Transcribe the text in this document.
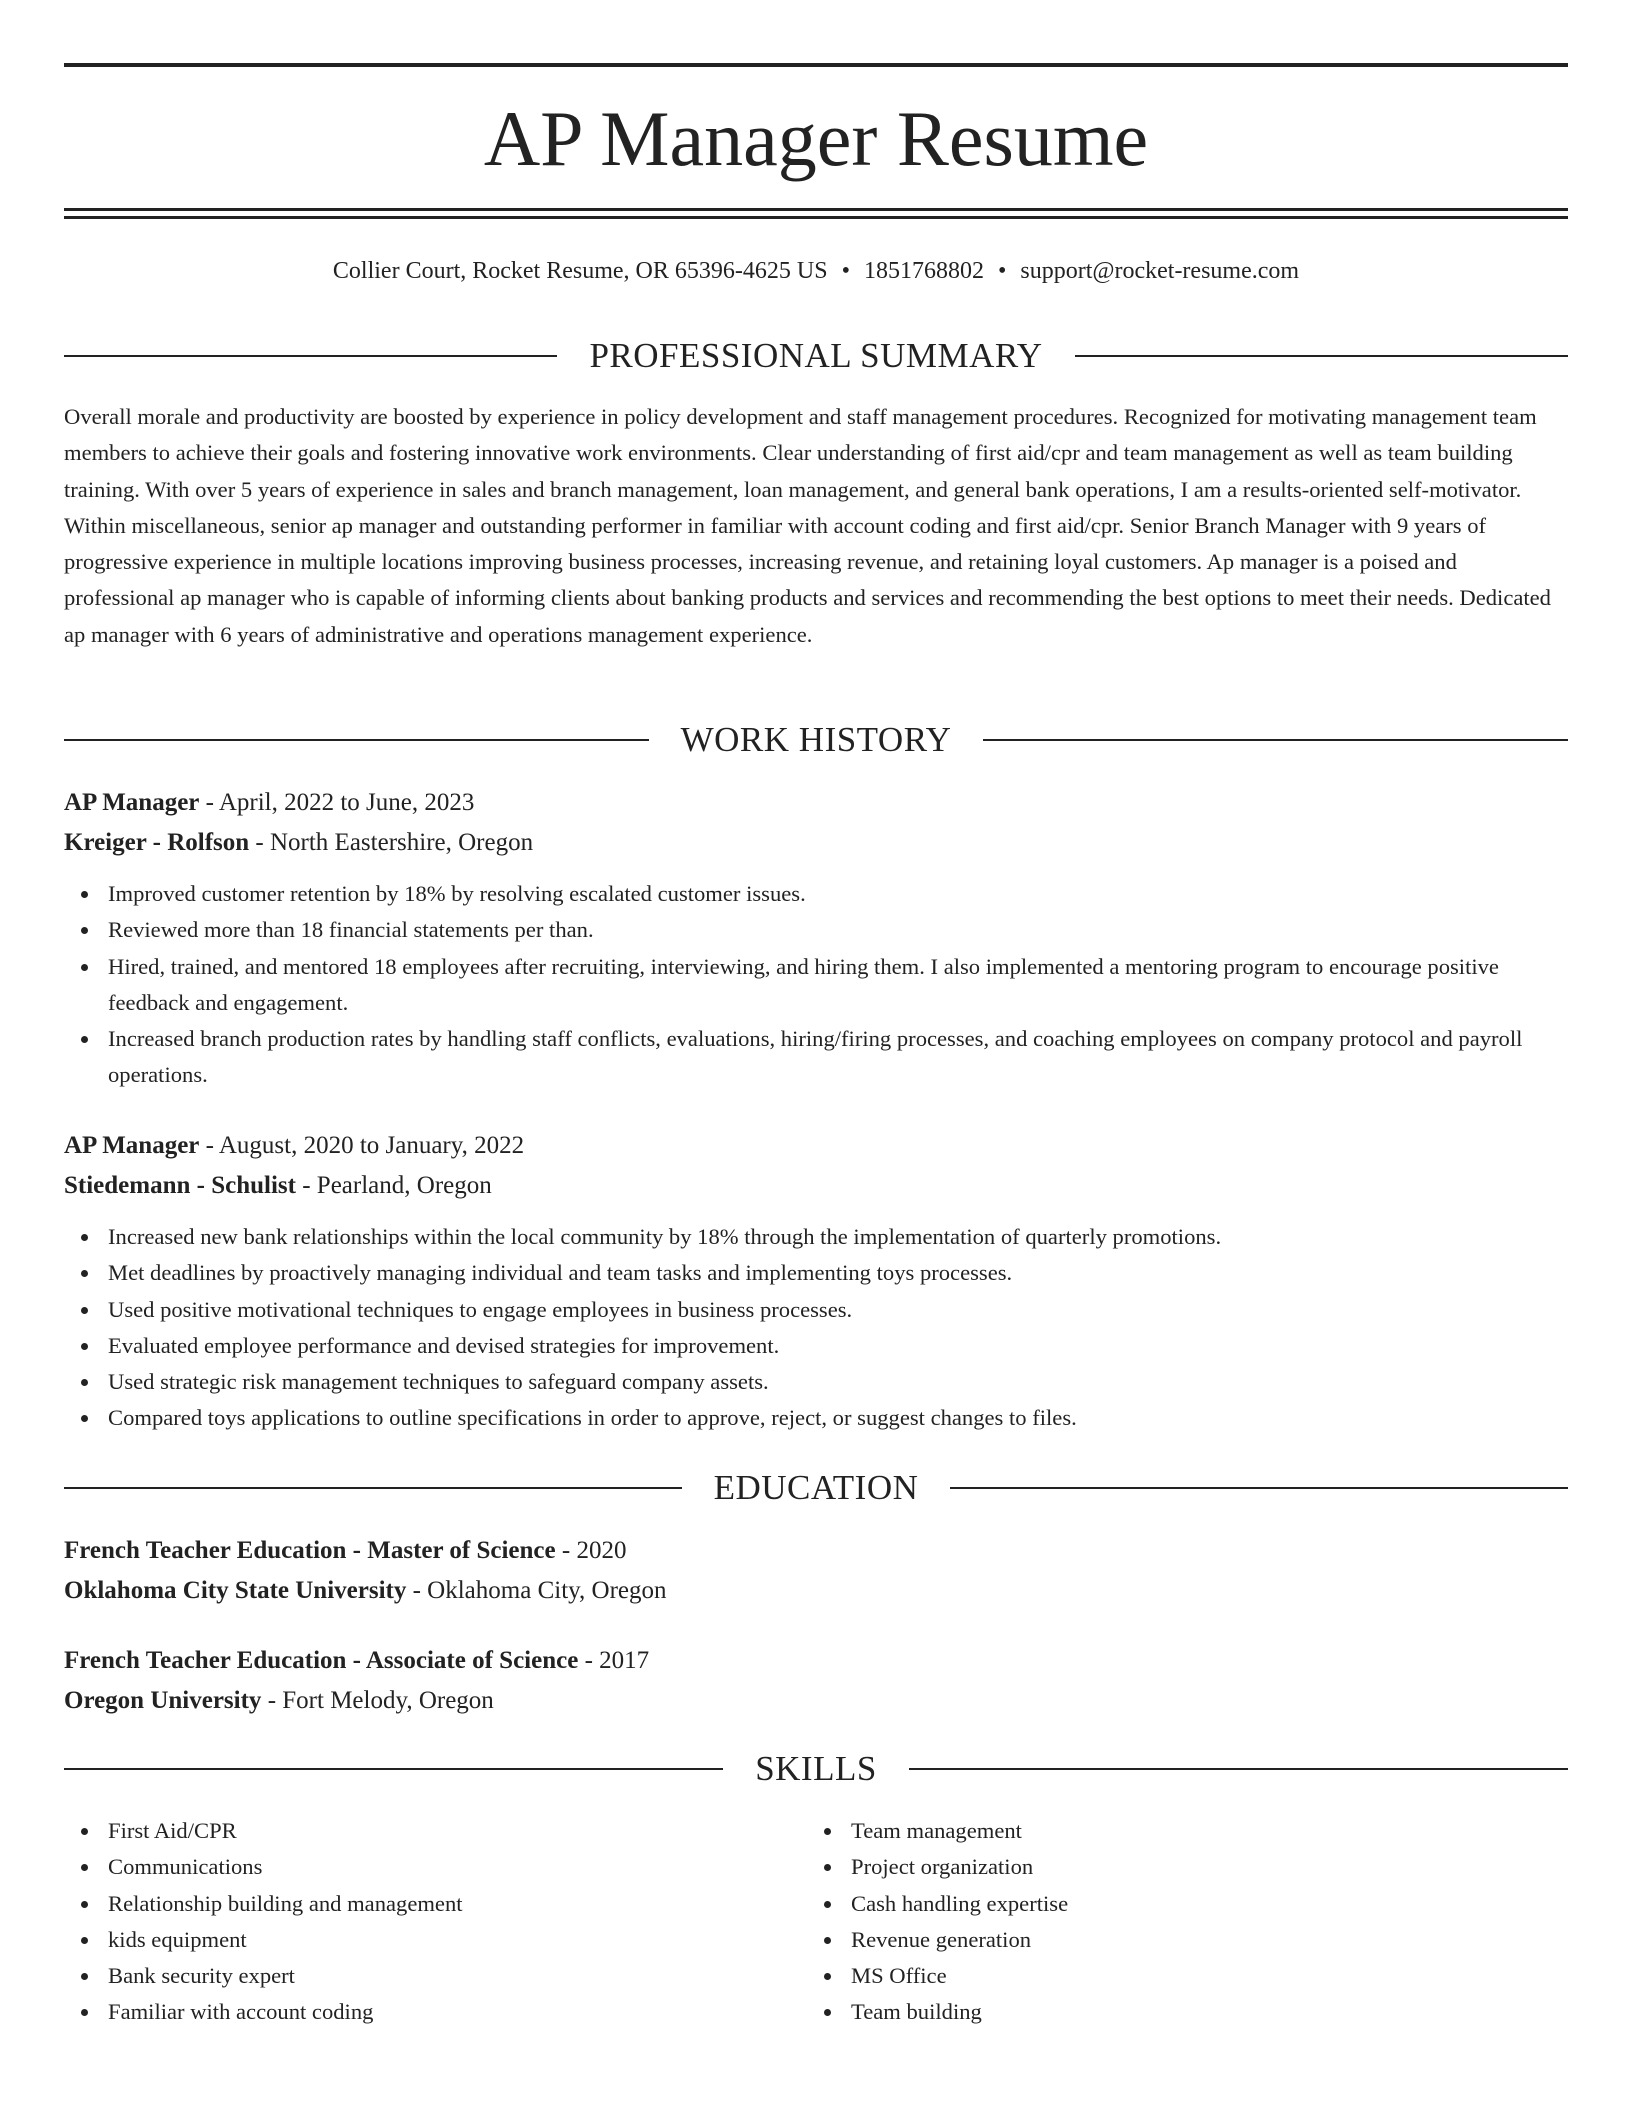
AP Manager Resume
Collier Court, Rocket Resume, OR 65396-4625 US • 1851768802 • support@rocket-resume.com
PROFESSIONAL SUMMARY

Overall morale and productivity are boosted by experience in policy development and staff management procedures. Recognized for motivating management team members to achieve their goals and fostering innovative work environments. Clear understanding of first aid/cpr and team management as well as team building training. With over 5 years of experience in sales and branch management, loan management, and general bank operations, I am a results-oriented self-motivator. Within miscellaneous, senior ap manager and outstanding performer in familiar with account coding and first aid/cpr. Senior Branch Manager with 9 years of progressive experience in multiple locations improving business processes, increasing revenue, and retaining loyal customers. Ap manager is a poised and professional ap manager who is capable of informing clients about banking products and services and recommending the best options to meet their needs. Dedicated ap manager with 6 years of administrative and operations management experience.

WORK HISTORY
AP Manager - April, 2022 to June, 2023
Kreiger - Rolfson - North Eastershire, Oregon
Improved customer retention by 18% by resolving escalated customer issues.
Reviewed more than 18 financial statements per than.
Hired, trained, and mentored 18 employees after recruiting, interviewing, and hiring them. I also implemented a mentoring program to encourage positive feedback and engagement.
Increased branch production rates by handling staff conflicts, evaluations, hiring/firing processes, and coaching employees on company protocol and payroll operations.
AP Manager - August, 2020 to January, 2022
Stiedemann - Schulist - Pearland, Oregon
Increased new bank relationships within the local community by 18% through the implementation of quarterly promotions.
Met deadlines by proactively managing individual and team tasks and implementing toys processes.
Used positive motivational techniques to engage employees in business processes.
Evaluated employee performance and devised strategies for improvement.
Used strategic risk management techniques to safeguard company assets.
Compared toys applications to outline specifications in order to approve, reject, or suggest changes to files.
EDUCATION
French Teacher Education - Master of Science - 2020
Oklahoma City State University - Oklahoma City, Oregon
French Teacher Education - Associate of Science - 2017
Oregon University - Fort Melody, Oregon
SKILLS
First Aid/CPR
Communications
Relationship building and management
kids equipment
Bank security expert
Familiar with account coding
Team management
Project organization
Cash handling expertise
Revenue generation
MS Office
Team building
